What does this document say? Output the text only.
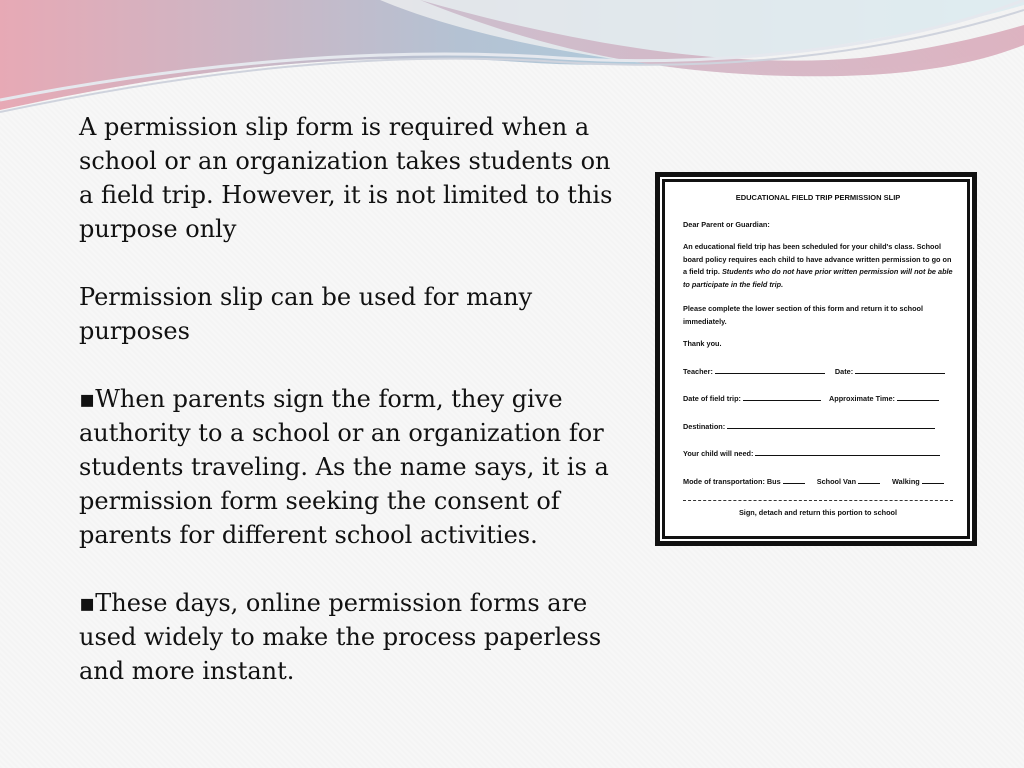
A permission slip form is required when a school or an organization takes students on a field trip. However, it is not limited to this purpose only

Permission slip can be used for many purposes

▪When parents sign the form, they give authority to a school or an organization for students traveling. As the name says, it is a permission form seeking the consent of parents for different school activities.

▪These days, online permission forms are used widely to make the process paperless and more instant.

EDUCATIONAL FIELD TRIP PERMISSION SLIP

Dear Parent or Guardian:

An educational field trip has been scheduled for your child's class. School board policy requires each child to have advance written permission to go on a field trip. Students who do not have prior written permission will not be able to participate in the field trip.

Please complete the lower section of this form and return it to school immediately.

Thank you.

Teacher:	Date:
Date of field trip:	Approximate Time:
Destination:
Your child will need:
Mode of transportation: Bus	School Van	Walking
Sign, detach and return this portion to school
